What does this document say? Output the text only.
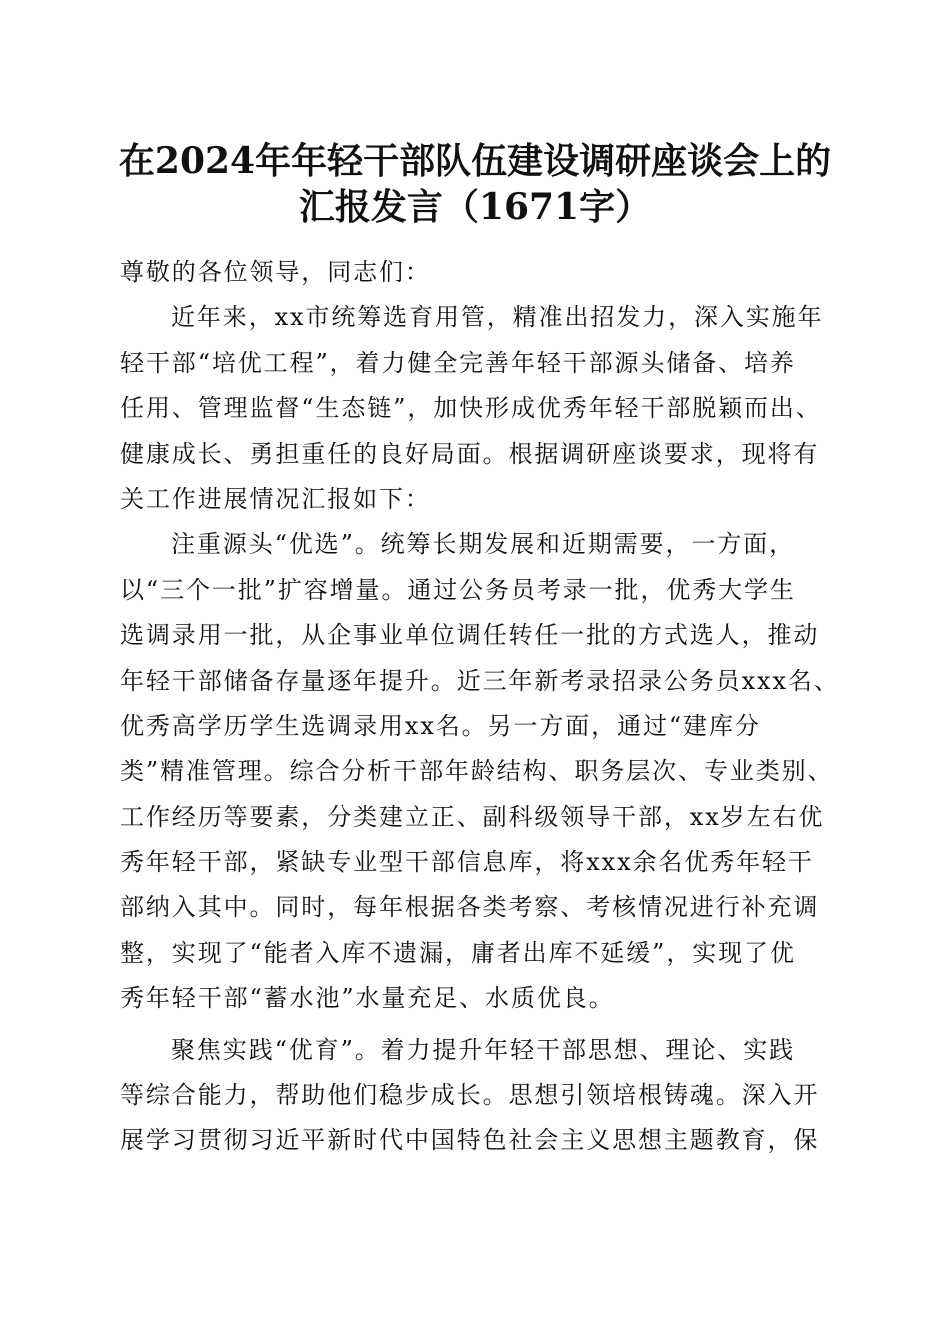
在2024年年轻干部队伍建设调研座谈会上的
汇报发言（1671字）
尊敬的各位领导，同志们：
近年来，xx市统筹选育用管，精准出招发力，深入实施年
轻干部“培优工程”，着力健全完善年轻干部源头储备、培养
任用、管理监督“生态链”，加快形成优秀年轻干部脱颖而出、
健康成长、勇担重任的良好局面。根据调研座谈要求，现将有
关工作进展情况汇报如下：
注重源头“优选”。统筹长期发展和近期需要，一方面，
以“三个一批”扩容增量。通过公务员考录一批，优秀大学生
选调录用一批，从企事业单位调任转任一批的方式选人，推动
年轻干部储备存量逐年提升。近三年新考录招录公务员xxx名、
优秀高学历学生选调录用xx名。另一方面，通过“建库分
类”精准管理。综合分析干部年龄结构、职务层次、专业类别、
工作经历等要素，分类建立正、副科级领导干部，xx岁左右优
秀年轻干部，紧缺专业型干部信息库，将xxx余名优秀年轻干
部纳入其中。同时，每年根据各类考察、考核情况进行补充调
整，实现了“能者入库不遗漏，庸者出库不延缓”，实现了优
秀年轻干部“蓄水池”水量充足、水质优良。
聚焦实践“优育”。着力提升年轻干部思想、理论、实践
等综合能力，帮助他们稳步成长。思想引领培根铸魂。深入开
展学习贯彻习近平新时代中国特色社会主义思想主题教育，保
